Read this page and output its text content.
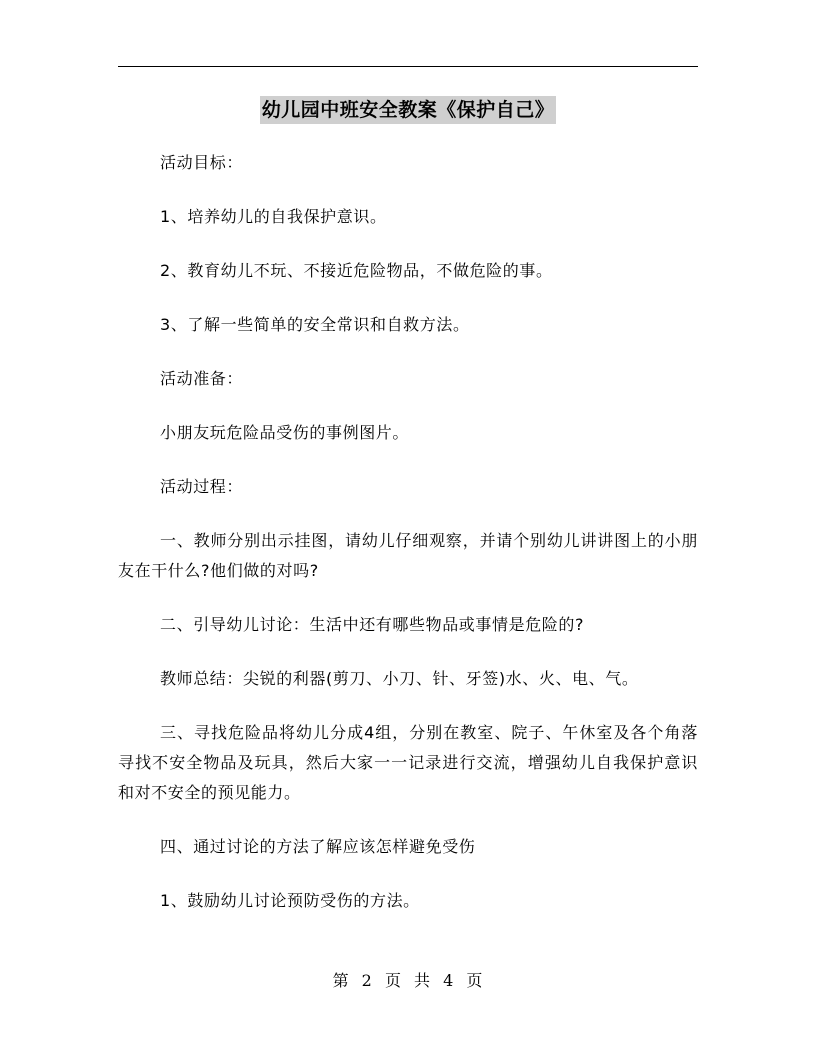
幼儿园中班安全教案《保护自己》

活动目标：

1、培养幼儿的自我保护意识。

2、教育幼儿不玩、不接近危险物品，不做危险的事。

3、了解一些简单的安全常识和自救方法。

活动准备：

小朋友玩危险品受伤的事例图片。

活动过程：

一、教师分别出示挂图，请幼儿仔细观察，并请个别幼儿讲讲图上的小朋友在干什么?他们做的对吗?

二、引导幼儿讨论：生活中还有哪些物品或事情是危险的?

教师总结：尖锐的利器(剪刀、小刀、针、牙签)水、火、电、气。

三、寻找危险品将幼儿分成4组，分别在教室、院子、午休室及各个角落寻找不安全物品及玩具，然后大家一一记录进行交流，增强幼儿自我保护意识和对不安全的预见能力。

四、通过讨论的方法了解应该怎样避免受伤

1、鼓励幼儿讨论预防受伤的方法。

第 2 页 共 4 页
